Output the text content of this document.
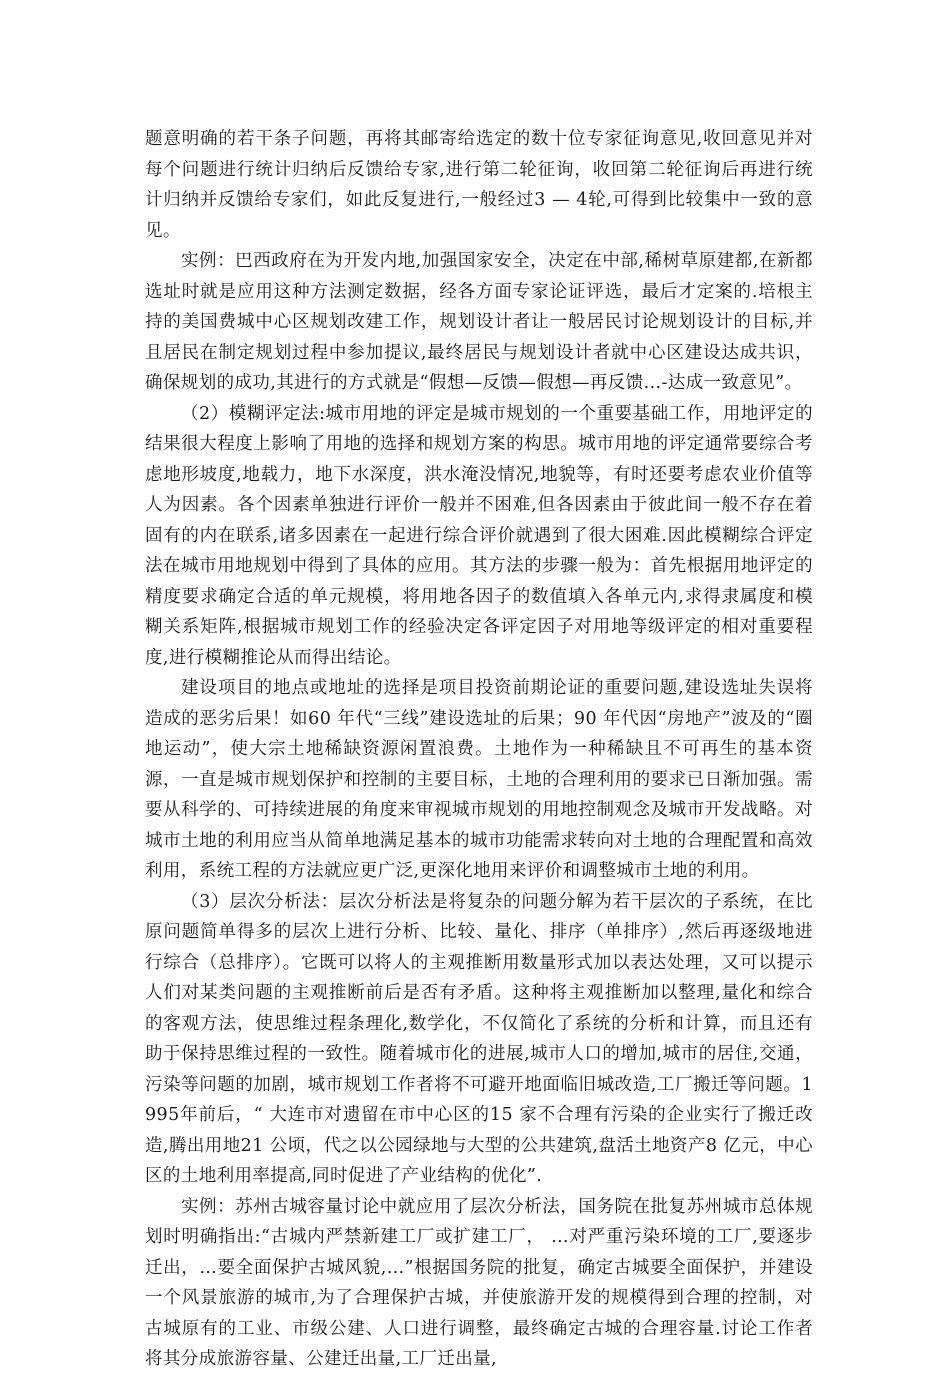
题意明确的若干条子问题，再将其邮寄给选定的数十位专家征询意见,收回意见并对每个问题进行统计归纳后反馈给专家,进行第二轮征询，收回第二轮征询后再进行统计归纳并反馈给专家们，如此反复进行,一般经过3 — 4轮,可得到比较集中一致的意见。

实例：巴西政府在为开发内地,加强国家安全，决定在中部,稀树草原建都,在新都选址时就是应用这种方法测定数据，经各方面专家论证评选，最后才定案的.培根主持的美国费城中心区规划改建工作，规划设计者让一般居民讨论规划设计的目标,并且居民在制定规划过程中参加提议,最终居民与规划设计者就中心区建设达成共识，确保规划的成功,其进行的方式就是“假想—反馈—假想—再反馈...-达成一致意见”。

（2）模糊评定法:城市用地的评定是城市规划的一个重要基础工作，用地评定的结果很大程度上影响了用地的选择和规划方案的构思。城市用地的评定通常要综合考虑地形坡度,地载力，地下水深度，洪水淹没情况,地貌等，有时还要考虑农业价值等人为因素。各个因素单独进行评价一般并不困难,但各因素由于彼此间一般不存在着固有的内在联系,诸多因素在一起进行综合评价就遇到了很大困难.因此模糊综合评定法在城市用地规划中得到了具体的应用。其方法的步骤一般为：首先根据用地评定的精度要求确定合适的单元规模，将用地各因子的数值填入各单元内,求得隶属度和模糊关系矩阵,根据城市规划工作的经验决定各评定因子对用地等级评定的相对重要程度,进行模糊推论从而得出结论。

建设项目的地点或地址的选择是项目投资前期论证的重要问题,建设选址失误将造成的恶劣后果！如60 年代“三线”建设选址的后果；90 年代因“房地产”波及的“圈地运动”，使大宗土地稀缺资源闲置浪费。土地作为一种稀缺且不可再生的基本资源，一直是城市规划保护和控制的主要目标，土地的合理利用的要求已日渐加强。需要从科学的、可持续进展的角度来审视城市规划的用地控制观念及城市开发战略。对城市土地的利用应当从简单地满足基本的城市功能需求转向对土地的合理配置和高效利用，系统工程的方法就应更广泛,更深化地用来评价和调整城市土地的利用。

（3）层次分析法：层次分析法是将复杂的问题分解为若干层次的子系统，在比原问题简单得多的层次上进行分析、比较、量化、排序（单排序）,然后再逐级地进行综合（总排序）。它既可以将人的主观推断用数量形式加以表达处理，又可以提示人们对某类问题的主观推断前后是否有矛盾。这种将主观推断加以整理,量化和综合的客观方法，使思维过程条理化,数学化，不仅简化了系统的分析和计算，而且还有助于保持思维过程的一致性。随着城市化的进展,城市人口的增加,城市的居住,交通，污染等问题的加剧，城市规划工作者将不可避开地面临旧城改造,工厂搬迁等问题。1995年前后，“ 大连市对遗留在市中心区的15 家不合理有污染的企业实行了搬迁改造,腾出用地21 公顷，代之以公园绿地与大型的公共建筑,盘活土地资产8 亿元，中心区的土地利用率提高,同时促进了产业结构的优化”.

实例：苏州古城容量讨论中就应用了层次分析法，国务院在批复苏州城市总体规划时明确指出:“古城内严禁新建工厂或扩建工厂， …对严重污染环境的工厂,要逐步迁出，…要全面保护古城风貌,…”根据国务院的批复，确定古城要全面保护，并建设一个风景旅游的城市,为了合理保护古城，并使旅游开发的规模得到合理的控制，对古城原有的工业、市级公建、人口进行调整，最终确定古城的合理容量.讨论工作者将其分成旅游容量、公建迁出量,工厂迁出量,
